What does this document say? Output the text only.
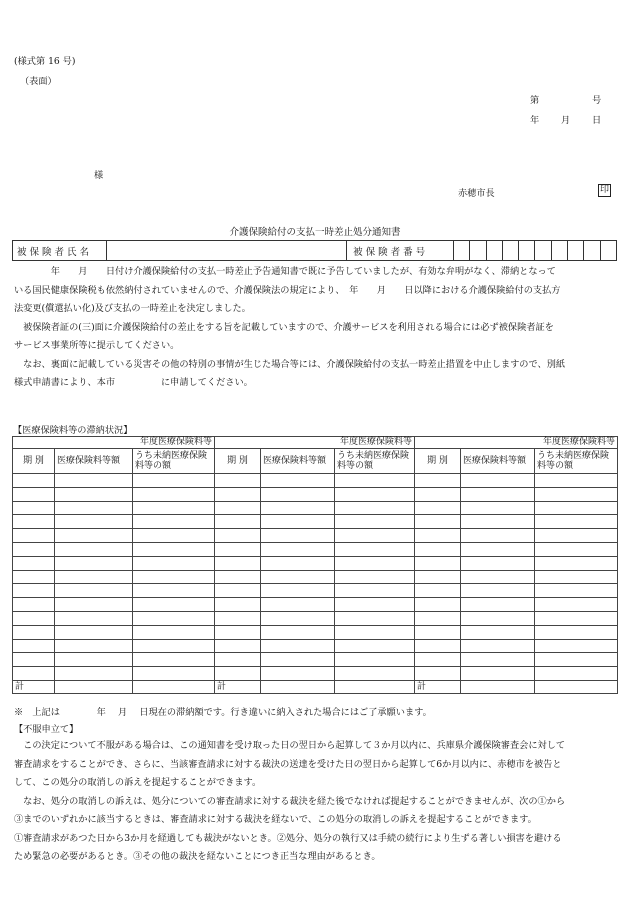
(様式第 16 号)
（表面）
第	号
年 月 日
様
赤穂市長	印
介護保険給付の支払一時差止処分通知書
被保険者氏名		被保険者番号										

　　　　年　　月　　日付け介護保険給付の支払一時差止予告通知書で既に予告していましたが、有効な弁明がなく、滞納となって

いる国民健康保険税も依然納付されていませんので、介護保険法の規定により、　年　　月　　日以降における介護保険給付の支払方

法変更(償還払い化)及び支払の一時差止を決定しました。

　被保険者証の(三)面に介護保険給付の差止をする旨を記載していますので、介護サービスを利用される場合には必ず被保険者証を

サービス事業所等に提示してください。

　なお、裏面に記載している災害その他の特別の事情が生じた場合等には、介護保険給付の支払一時差止措置を中止しますので、別紙

様式申請書により、本市　　　　　に申請してください。

【医療保険料等の滞納状況】
年度医療保険料等			年度医療保険料等			年度医療保険料等		
期 別	医療保険料等額	うち未納医療保険料等の額	期 別	医療保険料等額	うち未納医療保険料等の額	期 別	医療保険料等額	うち未納医療保険料等の額

計			計			計		
※　上記は　　　　年　 月　 日現在の滞納額です。行き違いに納入された場合にはご了承願います。
【不服申立て】

　この決定について不服がある場合は、この通知書を受け取った日の翌日から起算して３か月以内に、兵庫県介護保険審査会に対して

審査請求をすることができ、さらに、当該審査請求に対する裁決の送達を受けた日の翌日から起算して6か月以内に、赤穂市を被告と

して、この処分の取消しの訴えを提起することができます。

　なお、処分の取消しの訴えは、処分についての審査請求に対する裁決を経た後でなければ提起することができませんが、次の①から

③までのいずれかに該当するときは、審査請求に対する裁決を経ないで、この処分の取消しの訴えを提起することができます。

①審査請求があつた日から3か月を経過しても裁決がないとき。②処分、処分の執行又は手続の続行により生ずる著しい損害を避ける

ため緊急の必要があるとき。③その他の裁決を経ないことにつき正当な理由があるとき。
